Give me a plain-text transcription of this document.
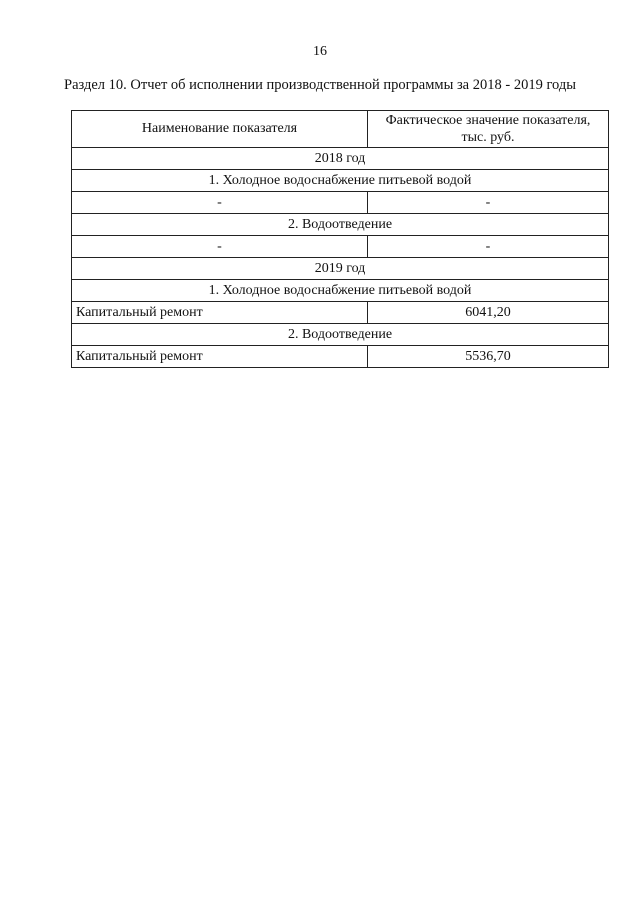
16
Раздел 10. Отчет об исполнении производственной программы за 2018 - 2019 годы
Наименование показателя	Фактическое значение показателя, тыс. руб.
2018 год	
1. Холодное водоснабжение питьевой водой	
-	-
2. Водоотведение	
-	-
2019 год	
1. Холодное водоснабжение питьевой водой	
Капитальный ремонт	6041,20
2. Водоотведение	
Капитальный ремонт	5536,70
